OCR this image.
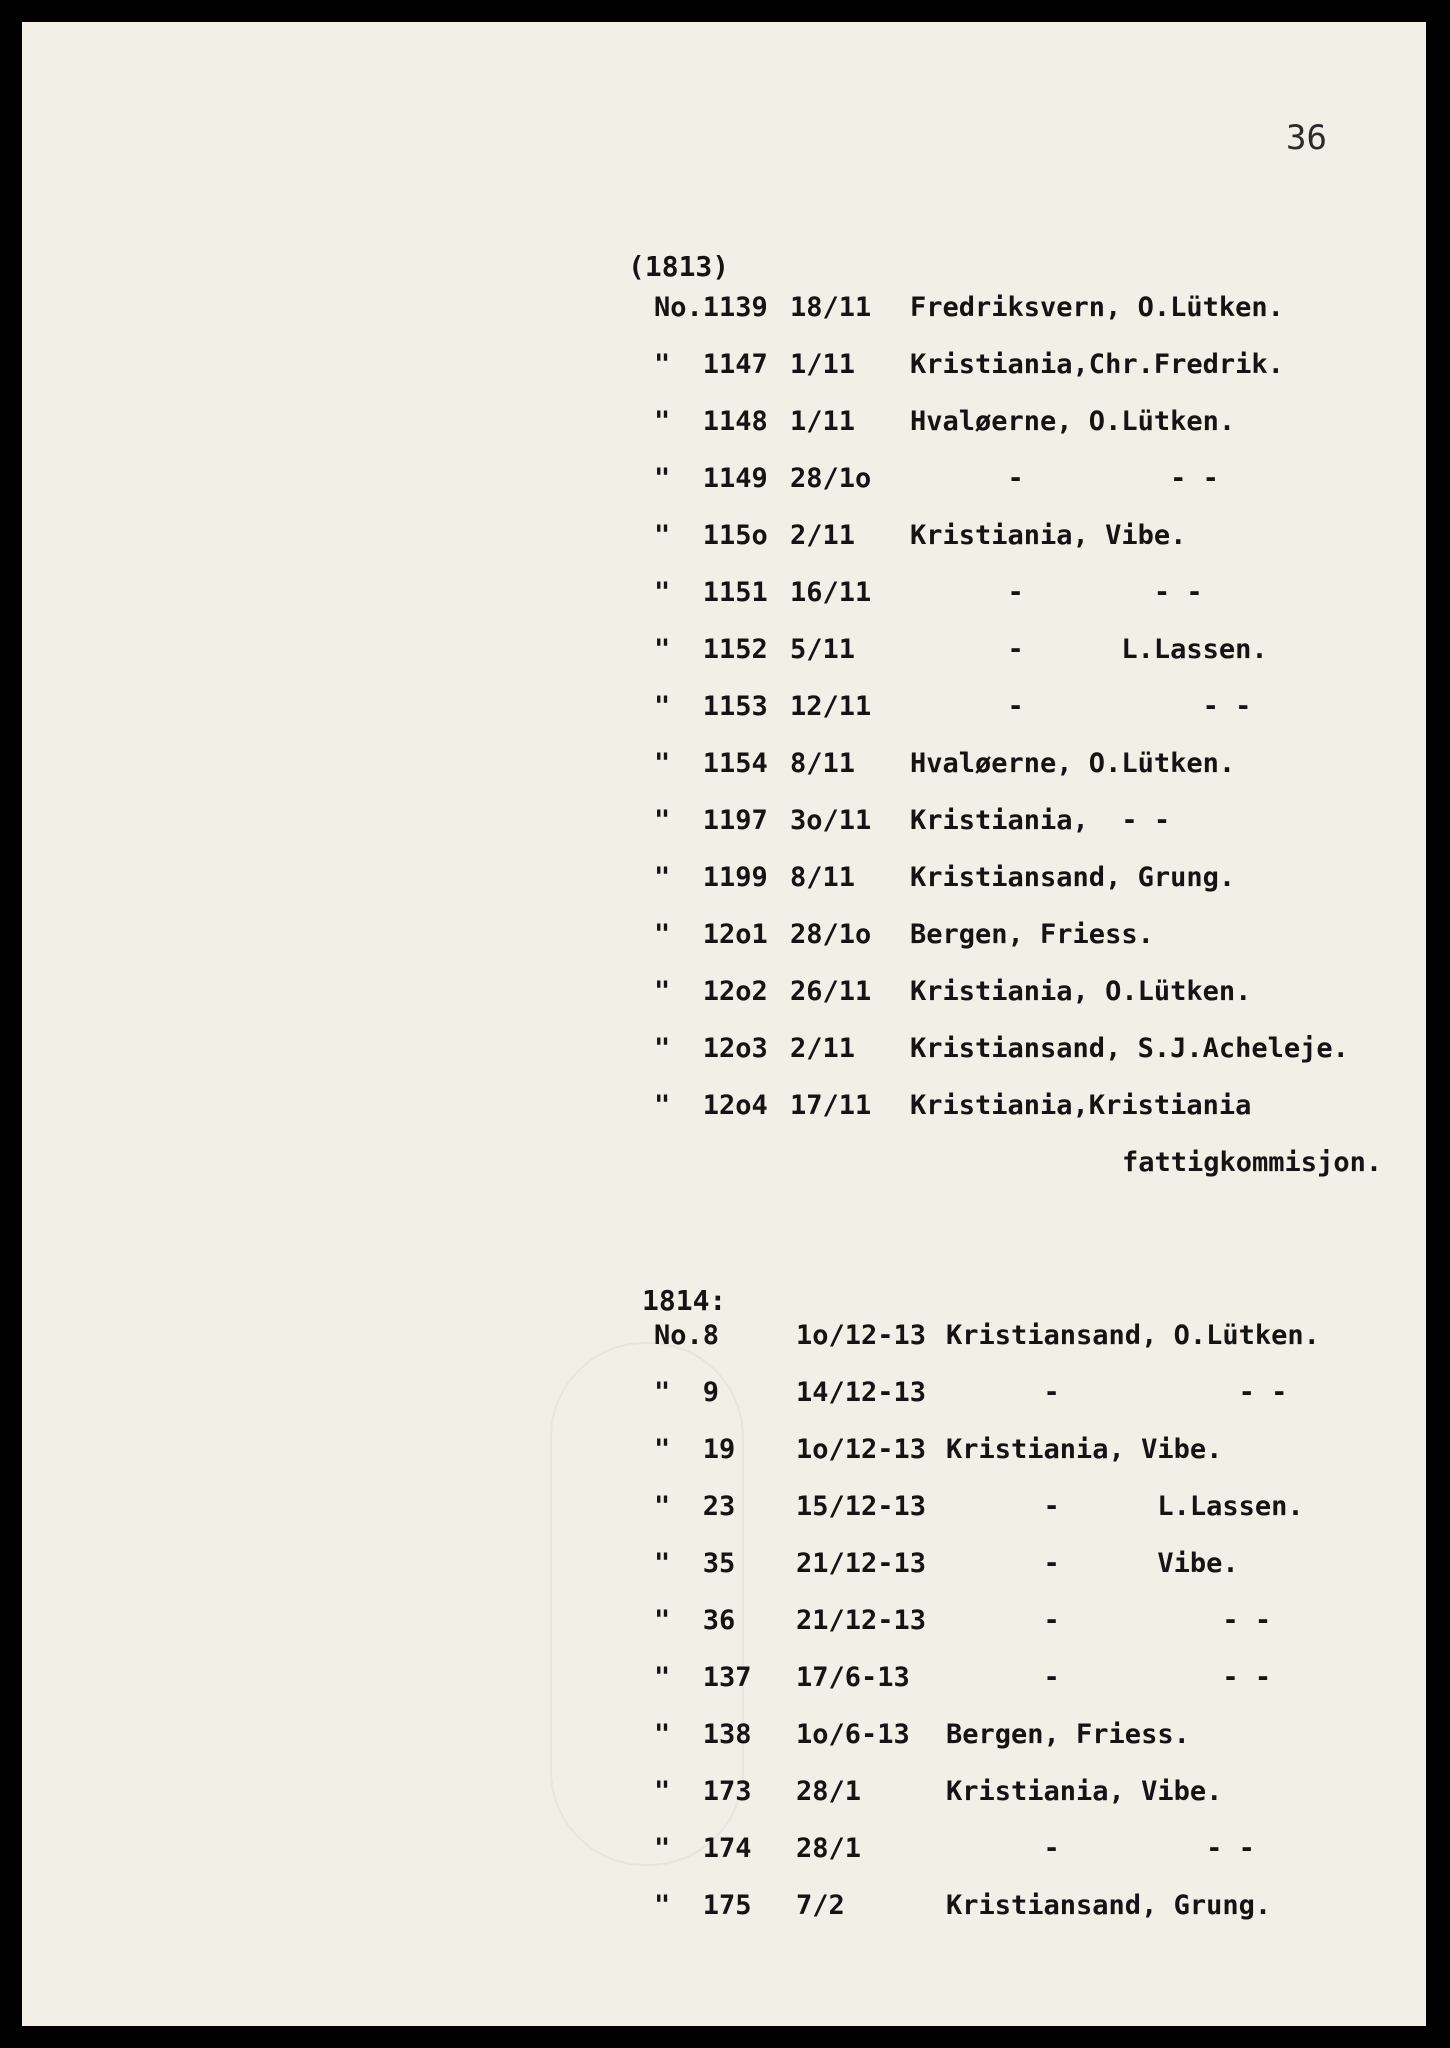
36
(1813)
1814:
No.1139 18/11 Fredriksvern, O.Lütken.
"  1147 1/11 Kristiania,Chr.Fredrik.
"  1148 1/11 Hvaløerne, O.Lütken.
"  1149 28/1o -         - -
"  115o 2/11 Kristiania, Vibe.
"  1151 16/11 -        - -
"  1152 5/11 -      L.Lassen.
"  1153 12/11 -           - -
"  1154 8/11 Hvaløerne, O.Lütken.
"  1197 3o/11 Kristiania,  - -
"  1199 8/11 Kristiansand, Grung.
"  12o1 28/1o Bergen, Friess.
"  12o2 26/11 Kristiania, O.Lütken.
"  12o3 2/11 Kristiansand, S.J.Acheleje.
"  12o4 17/11 Kristiania,Kristiania
fattigkommisjon.
No.8	1o/12-13 Kristiansand, O.Lütken.
"  9	14/12-13 -           - -
"  19 1o/12-13 Kristiania, Vibe.
"  23 15/12-13 -      L.Lassen.
"  35 21/12-13 -      Vibe.
"  36 21/12-13 -          - -
"  137 17/6-13 -          - -
"  138 1o/6-13 Bergen, Friess.
"  173 28/1	Kristiania, Vibe.
"  174 28/1	-         - -
"  175 7/2	Kristiansand, Grung.
